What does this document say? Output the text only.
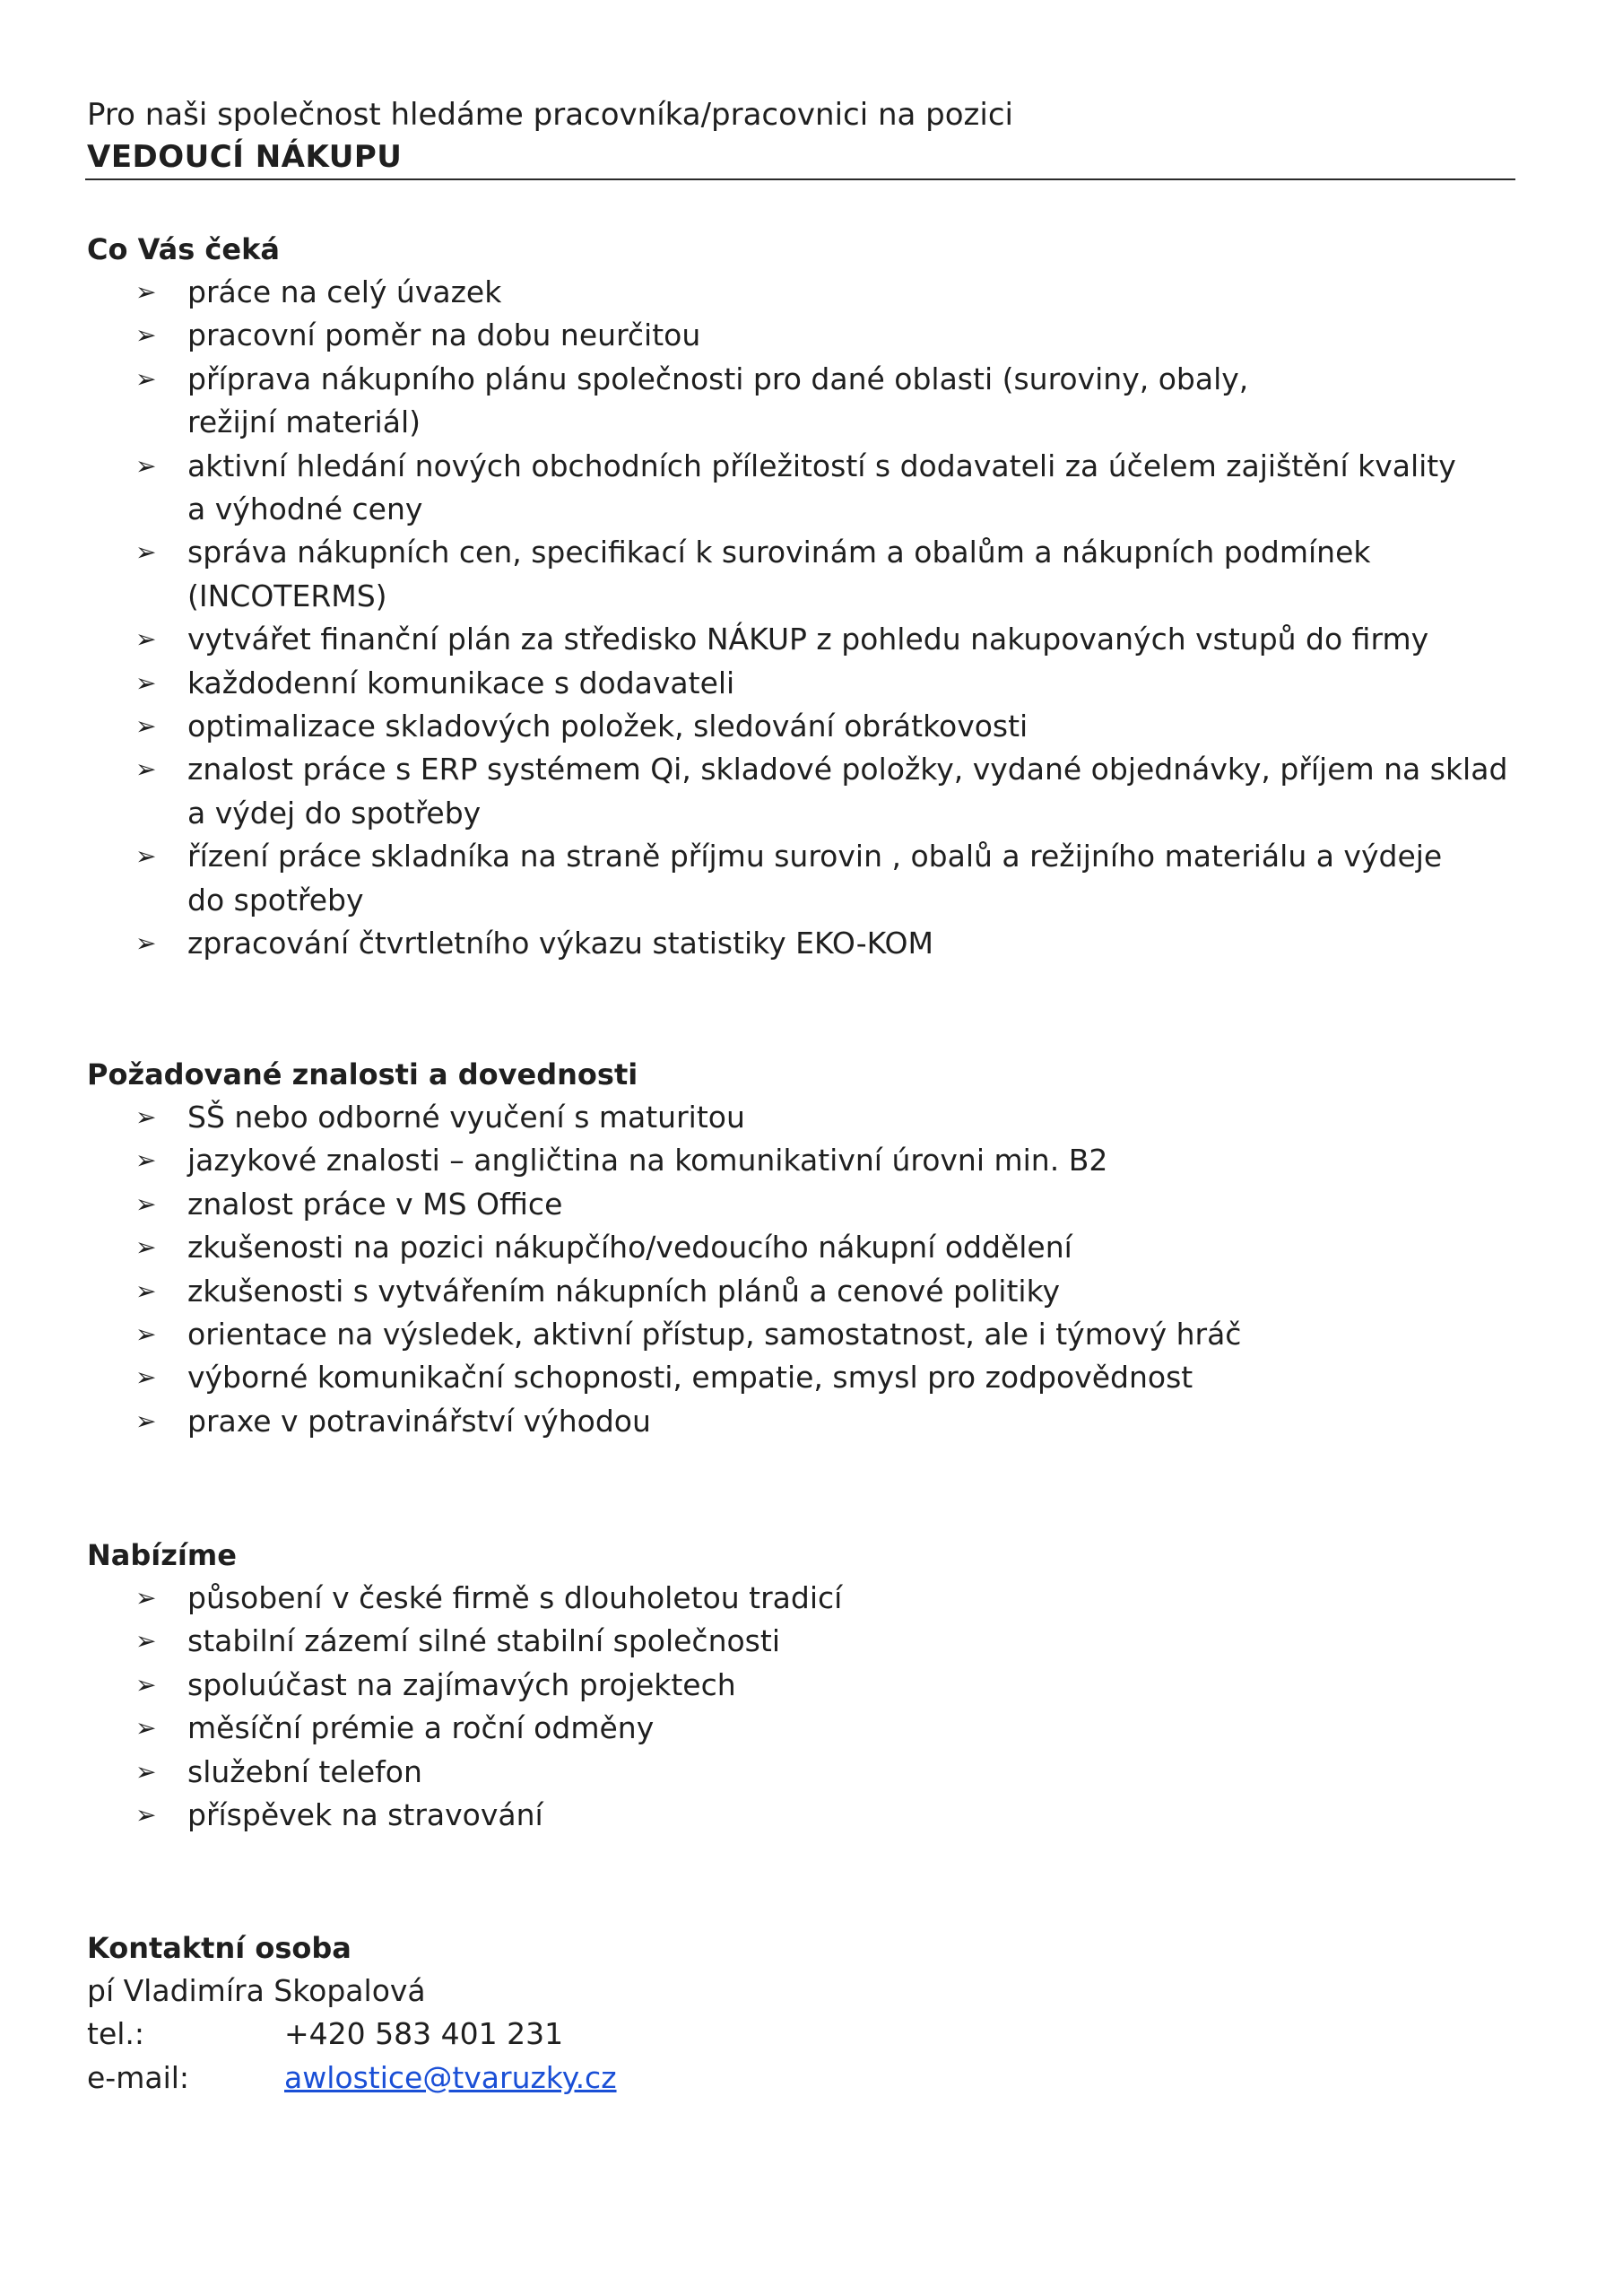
Pro naši společnost hledáme pracovníka/pracovnici na pozici
VEDOUCÍ NÁKUPU
Co Vás čeká
➢ práce na celý úvazek
➢ pracovní poměr na dobu neurčitou
➢ příprava nákupního plánu společnosti pro dané oblasti (suroviny, obaly, režijní materiál)
➢ aktivní hledání nových obchodních příležitostí s dodavateli za účelem zajištění kvality a výhodné ceny
➢ správa nákupních cen, specifikací k surovinám a obalům a nákupních podmínek (INCOTERMS)
➢ vytvářet finanční plán za středisko NÁKUP z pohledu nakupovaných vstupů do firmy
➢ každodenní komunikace s dodavateli
➢ optimalizace skladových položek, sledování obrátkovosti
➢ znalost práce s ERP systémem Qi, skladové položky, vydané objednávky, příjem na sklad a výdej do spotřeby
➢ řízení práce skladníka na straně příjmu surovin , obalů a režijního materiálu a výdeje do spotřeby
➢ zpracování čtvrtletního výkazu statistiky EKO-KOM
Požadované znalosti a dovednosti
➢ SŠ nebo odborné vyučení s maturitou
➢ jazykové znalosti – angličtina na komunikativní úrovni min. B2
➢ znalost práce v MS Office
➢ zkušenosti na pozici nákupčího/vedoucího nákupní oddělení
➢ zkušenosti s vytvářením nákupních plánů a cenové politiky
➢ orientace na výsledek, aktivní přístup, samostatnost, ale i týmový hráč
➢ výborné komunikační schopnosti, empatie, smysl pro zodpovědnost
➢ praxe v potravinářství výhodou
Nabízíme
➢ působení v české firmě s dlouholetou tradicí
➢ stabilní zázemí silné stabilní společnosti
➢ spoluúčast na zajímavých projektech
➢ měsíční prémie a roční odměny
➢ služební telefon
➢ příspěvek na stravování
Kontaktní osoba
pí Vladimíra Skopalová
tel.:	+420 583 401 231
e-mail:	awlostice@tvaruzky.cz
